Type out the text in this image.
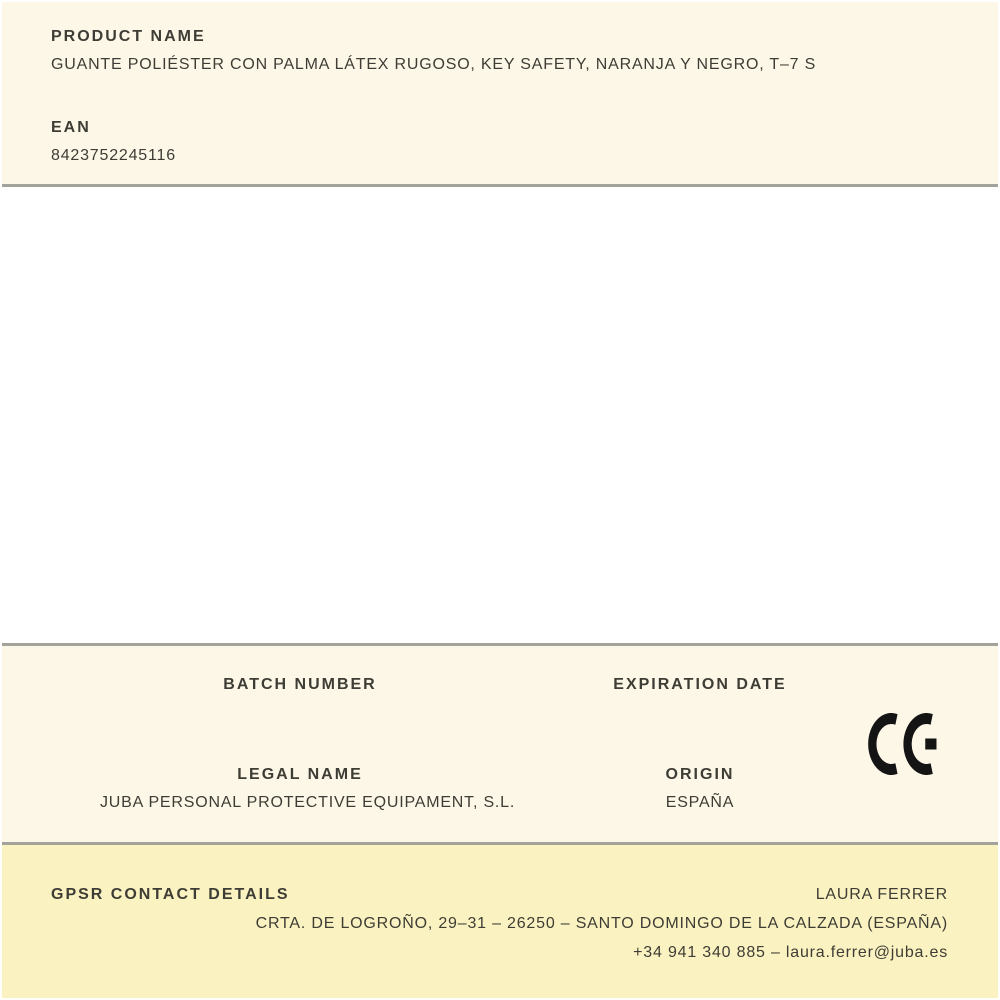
PRODUCT NAME
GUANTE POLIÉSTER CON PALMA LÁTEX RUGOSO, KEY SAFETY, NARANJA Y NEGRO, T–7 S
EAN
8423752245116
BATCH NUMBER	EXPIRATION DATE
LEGAL NAME
JUBA PERSONAL PROTECTIVE EQUIPAMENT, S.L.
ORIGIN
ESPAÑA
GPSR CONTACT DETAILS	LAURA FERRER
CRTA. DE LOGROÑO, 29–31 – 26250 – SANTO DOMINGO DE LA CALZADA (ESPAÑA)
+34 941 340 885 – laura.ferrer@juba.es
